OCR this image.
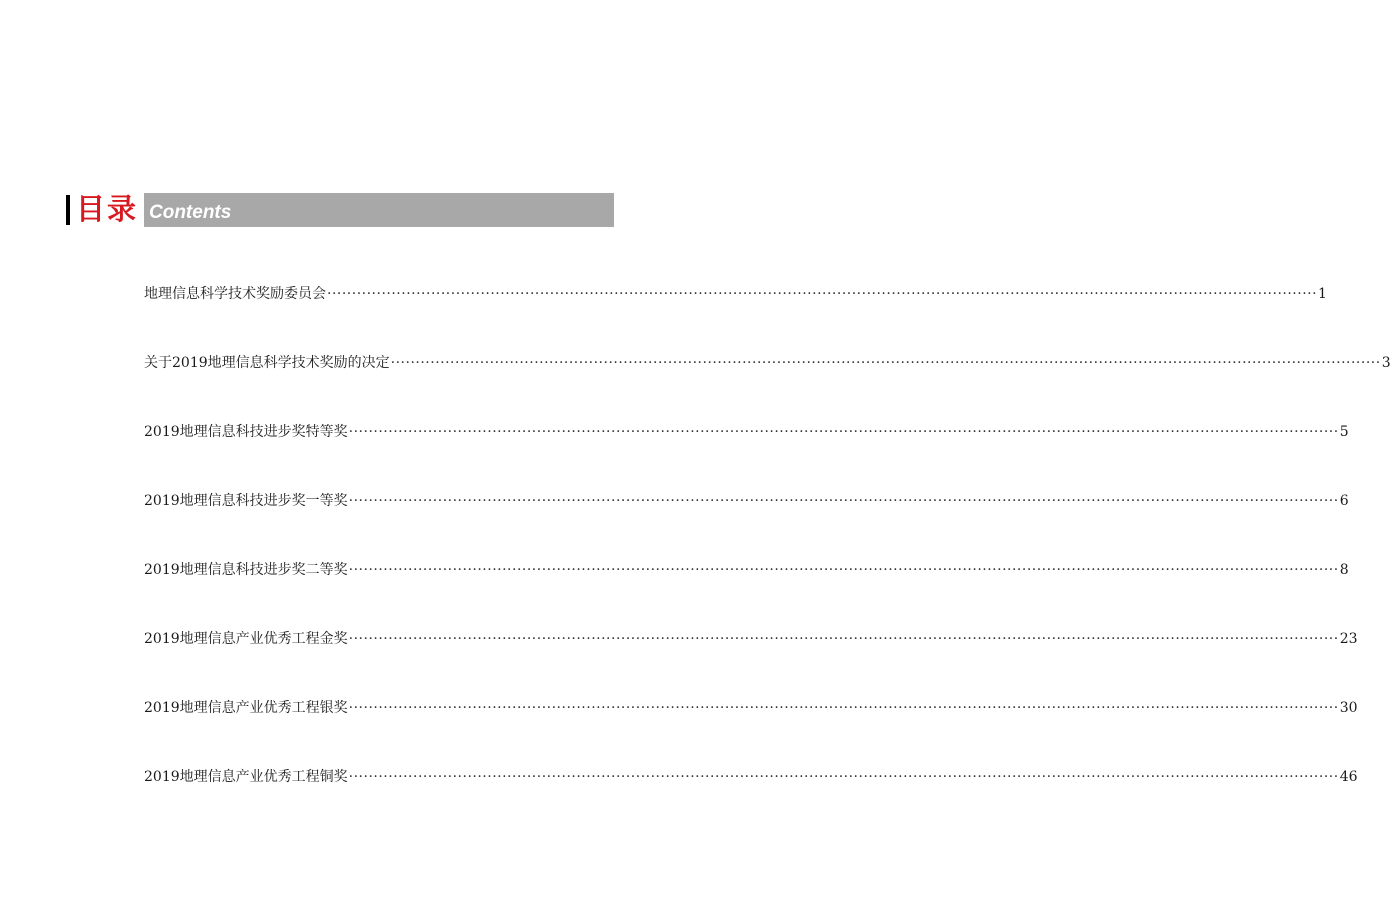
目录 Contents
地理信息科学技术奖励委员会 ········································································································································································································ 1
关于2019地理信息科学技术奖励的决定 ········································································································································································································ 3
2019地理信息科技进步奖特等奖 ········································································································································································································ 5
2019地理信息科技进步奖一等奖 ········································································································································································································ 6
2019地理信息科技进步奖二等奖 ········································································································································································································ 8
2019地理信息产业优秀工程金奖 ········································································································································································································ 23
2019地理信息产业优秀工程银奖 ········································································································································································································ 30
2019地理信息产业优秀工程铜奖 ········································································································································································································ 46
